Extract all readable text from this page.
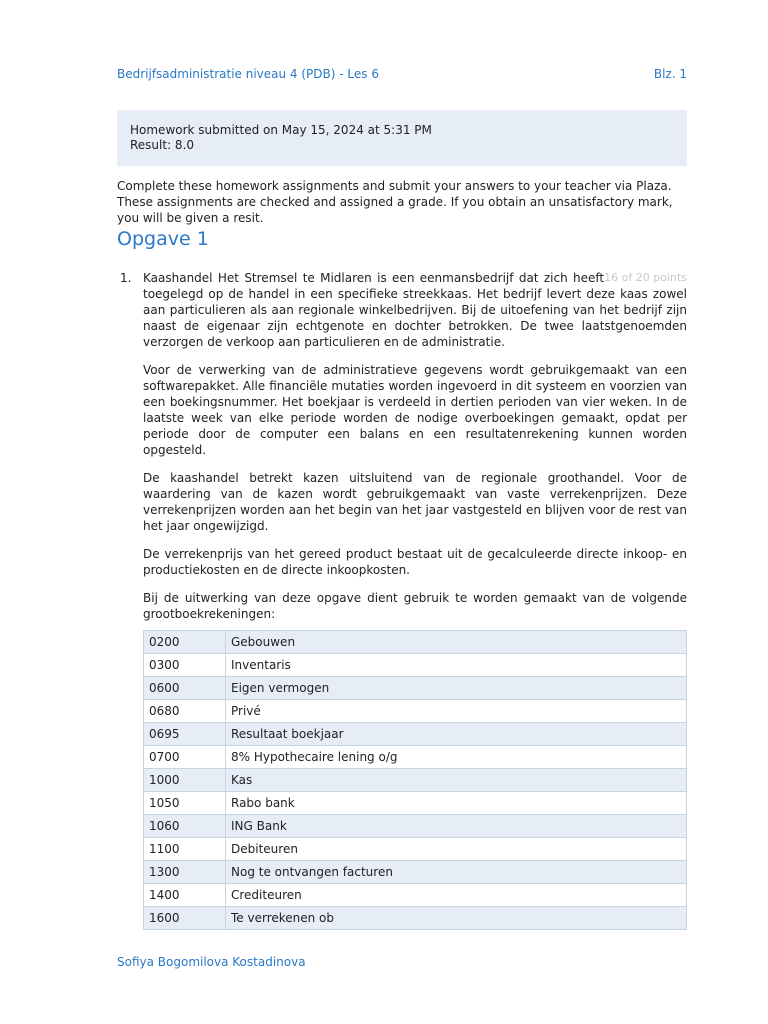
Bedrijfsadministratie niveau 4 (PDB) - Les 6	Blz. 1
Homework submitted on May 15, 2024 at 5:31 PM
Result: 8.0
Complete these homework assignments and submit your answers to your teacher via Plaza. These assignments are checked and assigned a grade. If you obtain an unsatisfactory mark, you will be given a resit.
Opgave 1
1.	16 of 20 points
Kaashandel Het Stremsel te Midlaren is een eenmansbedrijf dat zich heeft toegelegd op de handel in een specifieke streekkaas. Het bedrijf levert deze kaas zowel aan particulieren als aan regionale winkelbedrijven. Bij de uitoefening van het bedrijf zijn naast de eigenaar zijn echtgenote en dochter betrokken. De twee laatstgenoemden verzorgen de verkoop aan particulieren en de administratie.

Voor de verwerking van de administratieve gegevens wordt gebruikgemaakt van een softwarepakket. Alle financiële mutaties worden ingevoerd in dit systeem en voorzien van een boekingsnummer. Het boekjaar is verdeeld in dertien perioden van vier weken. In de laatste week van elke periode worden de nodige overboekingen gemaakt, opdat per periode door de computer een balans en een resultatenrekening kunnen worden opgesteld.

De kaashandel betrekt kazen uitsluitend van de regionale groothandel. Voor de waardering van de kazen wordt gebruikgemaakt van vaste verrekenprijzen. Deze verrekenprijzen worden aan het begin van het jaar vastgesteld en blijven voor de rest van het jaar ongewijzigd.

De verrekenprijs van het gereed product bestaat uit de gecalculeerde directe inkoop- en productiekosten en de directe inkoopkosten.

Bij de uitwerking van deze opgave dient gebruik te worden gemaakt van de volgende grootboekrekeningen:

0200	Gebouwen
0300	Inventaris
0600	Eigen vermogen
0680	Privé
0695	Resultaat boekjaar
0700	8% Hypothecaire lening o/g
1000	Kas
1050	Rabo bank
1060	ING Bank
1100	Debiteuren
1300	Nog te ontvangen facturen
1400	Crediteuren
1600	Te verrekenen ob
Sofiya Bogomilova Kostadinova
